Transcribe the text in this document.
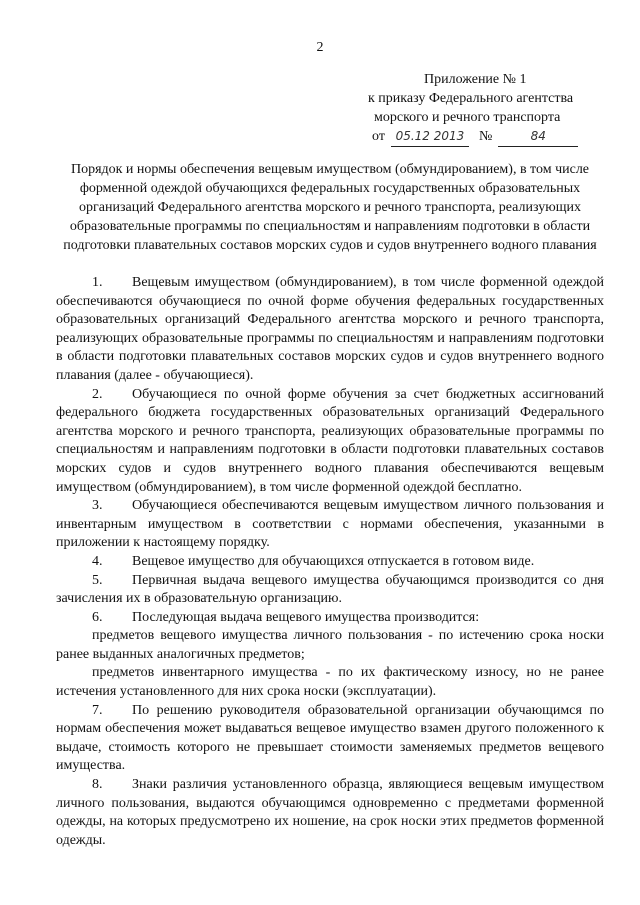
2
Приложение № 1
к приказу Федерального агентства
морского и речного транспорта
от 05.12 2013	№	84
Порядок и нормы обеспечения вещевым имуществом (обмундированием), в том числе форменной одеждой обучающихся федеральных государственных образовательных организаций Федерального агентства морского и речного транспорта, реализующих образовательные программы по специальностям и направлениям подготовки в области подготовки плавательных составов морских судов и судов внутреннего водного плавания

1. Вещевым имуществом (обмундированием), в том числе форменной одеждой обеспечиваются обучающиеся по очной форме обучения федеральных государственных образовательных организаций Федерального агентства морского и речного транспорта, реализующих образовательные программы по специальностям и направлениям подготовки в области подготовки плавательных составов морских судов и судов внутреннего водного плавания (далее - обучающиеся).

2. Обучающиеся по очной форме обучения за счет бюджетных ассигнований федерального бюджета государственных образовательных организаций Федерального агентства морского и речного транспорта, реализующих образовательные программы по специальностям и направлениям подготовки в области подготовки плавательных составов морских судов и судов внутреннего водного плавания обеспечиваются вещевым имуществом (обмундированием), в том числе форменной одеждой бесплатно.

3. Обучающиеся обеспечиваются вещевым имуществом личного пользования и инвентарным имуществом в соответствии с нормами обеспечения, указанными в приложении к настоящему порядку.

4. Вещевое имущество для обучающихся отпускается в готовом виде.

5. Первичная выдача вещевого имущества обучающимся производится со дня зачисления их в образовательную организацию.

6. Последующая выдача вещевого имущества производится:

предметов вещевого имущества личного пользования - по истечению срока носки ранее выданных аналогичных предметов;

предметов инвентарного имущества - по их фактическому износу, но не ранее истечения установленного для них срока носки (эксплуатации).

7. По решению руководителя образовательной организации обучающимся по нормам обеспечения может выдаваться вещевое имущество взамен другого положенного к выдаче, стоимость которого не превышает стоимости заменяемых предметов вещевого имущества.

8. Знаки различия установленного образца, являющиеся вещевым имуществом личного пользования, выдаются обучающимся одновременно с предметами форменной одежды, на которых предусмотрено их ношение, на срок носки этих предметов форменной одежды.
